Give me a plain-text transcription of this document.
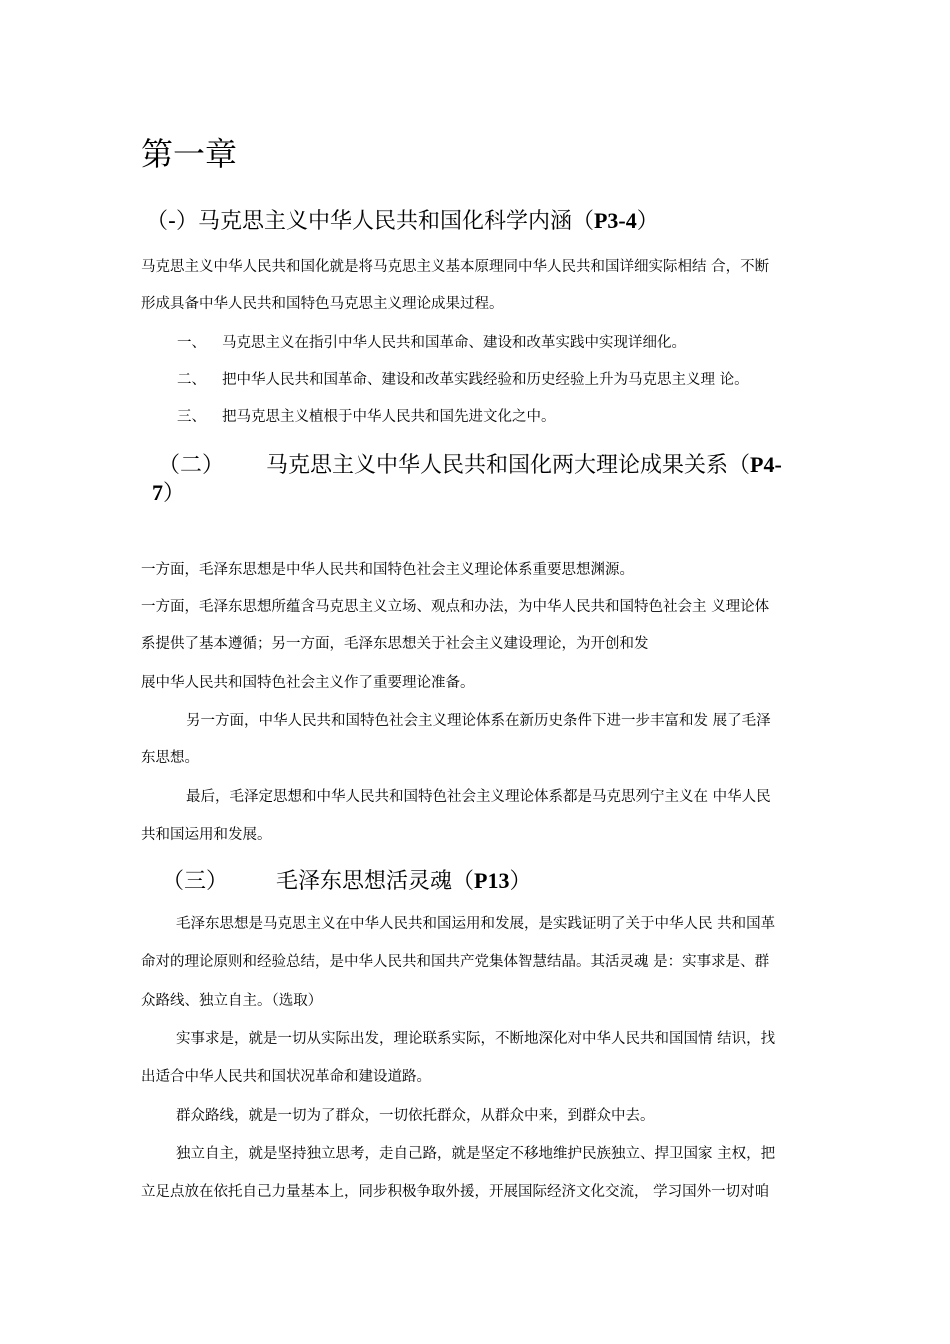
第一章
（-）马克思主义中华人民共和国化科学内涵（P3-4）
马克思主义中华人民共和国化就是将马克思主义基本原理同中华人民共和国详细实际相结 合，不断
形成具备中华人民共和国特色马克思主义理论成果过程。
一、 马克思主义在指引中华人民共和国革命、建设和改革实践中实现详细化。
二、 把中华人民共和国革命、建设和改革实践经验和历史经验上升为马克思主义理 论。
三、 把马克思主义植根于中华人民共和国先进文化之中。
（二） 马克思主义中华人民共和国化两大理论成果关系（P4-
7）
一方面，毛泽东思想是中华人民共和国特色社会主义理论体系重要思想渊源。
一方面，毛泽东思想所蕴含马克思主义立场、观点和办法，为中华人民共和国特色社会主 义理论体
系提供了基本遵循；另一方面，毛泽东思想关于社会主义建设理论，为开创和发
展中华人民共和国特色社会主义作了重要理论准备。
另一方面，中华人民共和国特色社会主义理论体系在新历史条件下进一步丰富和发 展了毛泽
东思想。
最后，毛泽定思想和中华人民共和国特色社会主义理论体系都是马克思列宁主义在 中华人民
共和国运用和发展。
（三） 毛泽东思想活灵魂（P13）
毛泽东思想是马克思主义在中华人民共和国运用和发展，是实践证明了关于中华人民 共和国革
命对的理论原则和经验总结，是中华人民共和国共产党集体智慧结晶。其活灵魂 是：实事求是、群
众路线、独立自主。（选取）
实事求是，就是一切从实际出发，理论联系实际，不断地深化对中华人民共和国国情 结识，找
出适合中华人民共和国状况革命和建设道路。
群众路线，就是一切为了群众，一切依托群众，从群众中来，到群众中去。
独立自主，就是坚持独立思考，走自己路，就是坚定不移地维护民族独立、捍卫国家 主权，把
立足点放在依托自己力量基本上，同步积极争取外援，开展国际经济文化交流， 学习国外一切对咱
